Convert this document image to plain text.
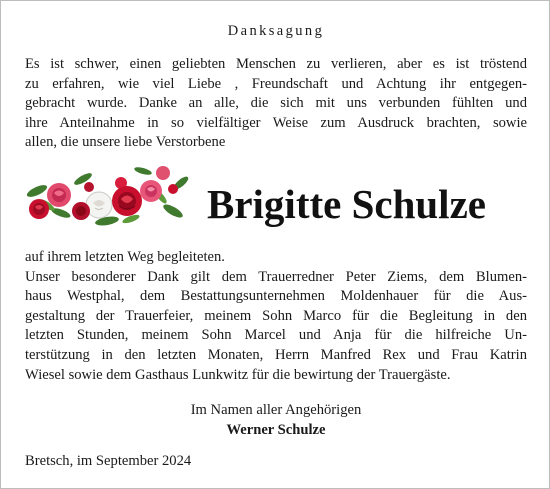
Danksagung
Es ist schwer, einen geliebten Menschen zu verlieren, aber es ist tröstend
zu erfahren, wie viel Liebe , Freundschaft und Achtung ihr entgegen-
gebracht wurde. Danke an alle, die sich mit uns verbunden fühlten und
ihre Anteilnahme in so vielfältiger Weise zum Ausdruck brachten, sowie
allen, die unsere liebe Verstorbene
Brigitte Schulze
auf ihrem letzten Weg begleiteten.
Unser besonderer Dank gilt dem Trauerredner Peter Ziems, dem Blumen-
haus Westphal, dem Bestattungsunternehmen Moldenhauer für die Aus-
gestaltung der Trauerfeier, meinem Sohn Marco für die Begleitung in den
letzten Stunden, meinem Sohn Marcel und Anja für die hilfreiche Un-
terstützung in den letzten Monaten, Herrn Manfred Rex und Frau Katrin
Wiesel sowie dem Gasthaus Lunkwitz für die bewirtung der Trauergäste.
Im Namen aller Angehörigen
Werner Schulze
Bretsch, im September 2024
